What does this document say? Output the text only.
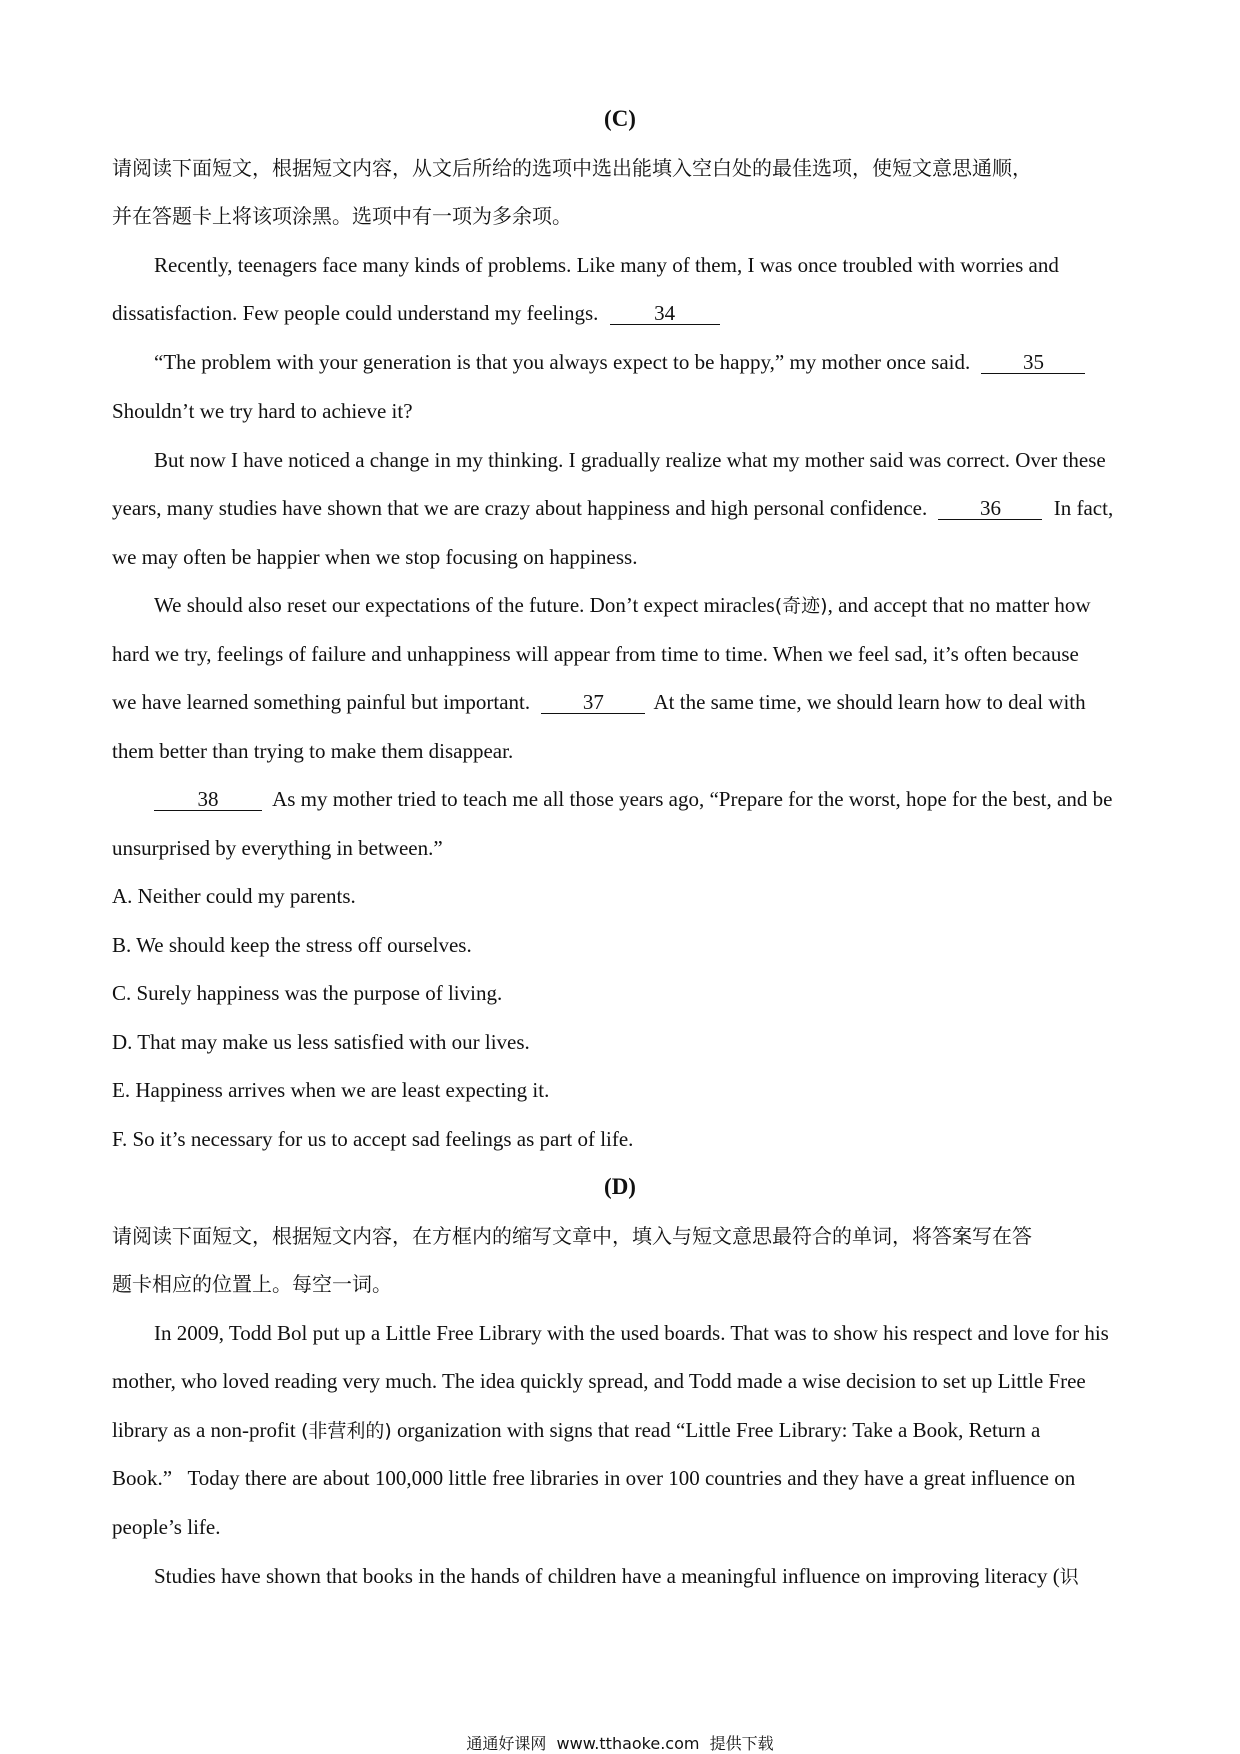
(C)
请阅读下面短文，根据短文内容，从文后所给的选项中选出能填入空白处的最佳选项，使短文意思通顺，
并在答题卡上将该项涂黑。选项中有一项为多余项。
Recently, teenagers face many kinds of problems. Like many of them, I was once troubled with worries and
dissatisfaction. Few people could understand my feelings.	34
“The problem with your generation is that you always expect to be happy,” my mother once said.	35
Shouldn’t we try hard to achieve it?
But now I have noticed a change in my thinking. I gradually realize what my mother said was correct. Over these
years, many studies have shown that we are crazy about happiness and high personal confidence.	36	In fact,
we may often be happier when we stop focusing on happiness.
We should also reset our expectations of the future. Don’t expect miracles(奇迹), and accept that no matter how
hard we try, feelings of failure and unhappiness will appear from time to time. When we feel sad, it’s often because
we have learned something painful but important.	37 At the same time, we should learn how to deal with
them better than trying to make them disappear.
38	As my mother tried to teach me all those years ago, “Prepare for the worst, hope for the best, and be
unsurprised by everything in between.”
A. Neither could my parents.
B. We should keep the stress off ourselves.
C. Surely happiness was the purpose of living.
D. That may make us less satisfied with our lives.
E. Happiness arrives when we are least expecting it.
F. So it’s necessary for us to accept sad feelings as part of life.
(D)
请阅读下面短文，根据短文内容，在方框内的缩写文章中，填入与短文意思最符合的单词，将答案写在答
题卡相应的位置上。每空一词。
In 2009, Todd Bol put up a Little Free Library with the used boards. That was to show his respect and love for his
mother, who loved reading very much. The idea quickly spread, and Todd made a wise decision to set up Little Free
library as a non-profit (非营利的) organization with signs that read “Little Free Library: Take a Book, Return a
Book.”   Today there are about 100,000 little free libraries in over 100 countries and they have a great influence on
people’s life.
Studies have shown that books in the hands of children have a meaningful influence on improving literacy (识
通通好课网  www.tthaoke.com  提供下载
